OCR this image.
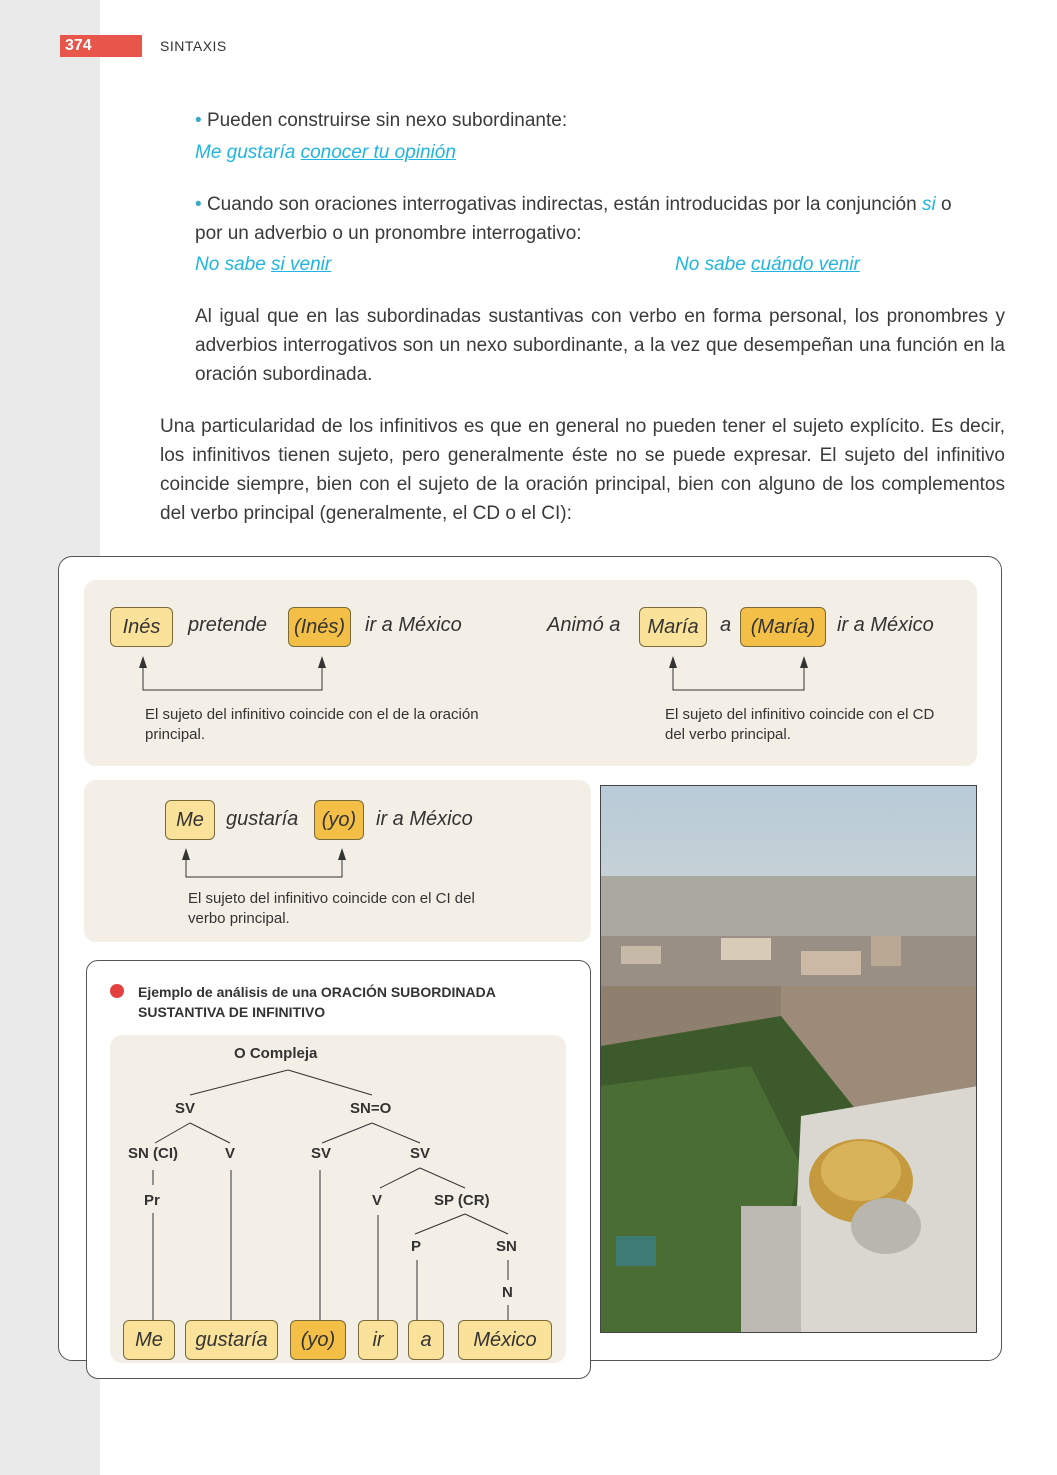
374	SINTAXIS
• Pueden construirse sin nexo subordinante:
Me gustaría conocer tu opinión
• Cuando son oraciones interrogativas indirectas, están introducidas por la conjunción si o
por un adverbio o un pronombre interrogativo:
No sabe si venir	No sabe cuándo venir
Al igual que en las subordinadas sustantivas con verbo en forma personal, los pronombres y adverbios interrogativos son un nexo subordinante, a la vez que desempeñan una función en la oración subordinada.
Una particularidad de los infinitivos es que en general no pueden tener el sujeto explícito. Es decir, los infinitivos tienen sujeto, pero generalmente éste no se puede expresar. El sujeto del infinitivo coincide siempre, bien con el sujeto de la oración principal, bien con alguno de los complementos del verbo principal (generalmente, el CD o el CI):
Inés	pretende (Inés) ir a México
El sujeto del infinitivo coincide con el de la oración principal.
Animó a	María	a (María)	ir a México
El sujeto del infinitivo coincide con el CD del verbo principal.
Me	gustaría	(yo) ir a México
El sujeto del infinitivo coincide con el CI del verbo principal.
Ejemplo de análisis de una ORACIÓN SUBORDINADA SUSTANTIVA DE INFINITIVO
O Compleja
SV	SN=O
SN (CI)	V	SV	SV
Pr	V	SP (CR)
P	SN
N
Me	gustaría	(yo)	ir	a	México
